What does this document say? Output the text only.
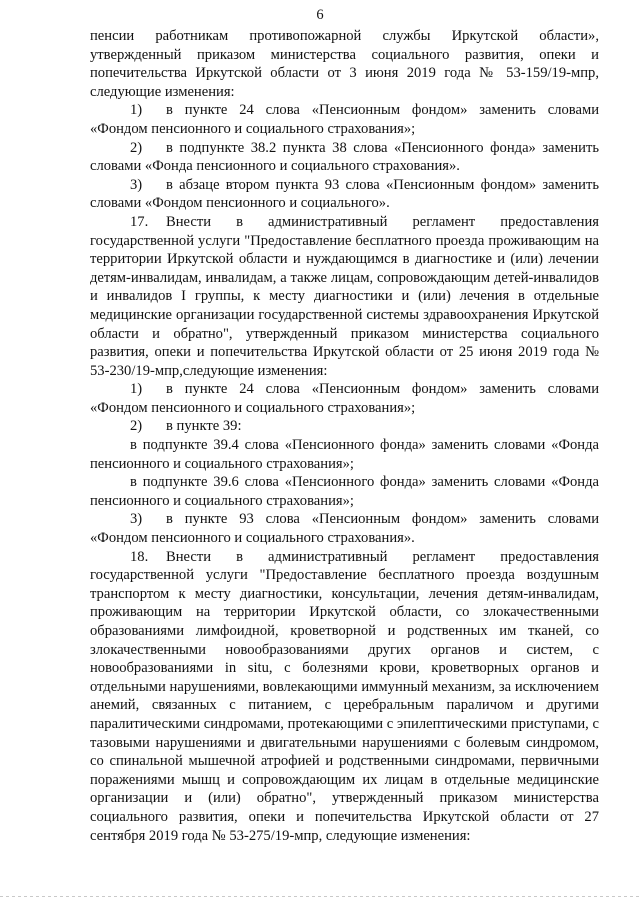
6

пенсии работникам противопожарной службы Иркутской области», утвержденный приказом министерства социального развития, опеки и попечительства Иркутской области от 3 июня 2019 года № 53-159/19-мпр, следующие изменения:

1) в пункте 24 слова «Пенсионным фондом» заменить словами «Фондом пенсионного и социального страхования»;

2) в подпункте 38.2 пункта 38 слова «Пенсионного фонда» заменить словами «Фонда пенсионного и социального страхования».

3) в абзаце втором пункта 93 слова «Пенсионным фондом» заменить словами «Фондом пенсионного и социального».

17. Внести в административный регламент предоставления государственной услуги "Предоставление бесплатного проезда проживающим на территории Иркутской области и нуждающимся в диагностике и (или) лечении детям-инвалидам, инвалидам, а также лицам, сопровождающим детей-инвалидов и инвалидов I группы, к месту диагностики и (или) лечения в отдельные медицинские организации государственной системы здравоохранения Иркутской области и обратно", утвержденный приказом министерства социального развития, опеки и попечительства Иркутской области от 25 июня 2019 года № 53-230/19-мпр,следующие изменения:

1) в пункте 24 слова «Пенсионным фондом» заменить словами «Фондом пенсионного и социального страхования»;

2) в пункте 39:

в подпункте 39.4 слова «Пенсионного фонда» заменить словами «Фонда пенсионного и социального страхования»;

в подпункте 39.6 слова «Пенсионного фонда» заменить словами «Фонда пенсионного и социального страхования»;

3) в пункте 93 слова «Пенсионным фондом» заменить словами «Фондом пенсионного и социального страхования».

18. Внести в административный регламент предоставления государственной услуги "Предоставление бесплатного проезда воздушным транспортом к месту диагностики, консультации, лечения детям-инвалидам, проживающим на территории Иркутской области, со злокачественными образованиями лимфоидной, кроветворной и родственных им тканей, со злокачественными новообразованиями других органов и систем, с новообразованиями in situ, с болезнями крови, кроветворных органов и отдельными нарушениями, вовлекающими иммунный механизм, за исключением анемий, связанных с питанием, с церебральным параличом и другими паралитическими синдромами, протекающими с эпилептическими приступами, с тазовыми нарушениями и двигательными нарушениями с болевым синдромом, со спинальной мышечной атрофией и родственными синдромами, первичными поражениями мышц и сопровождающим их лицам в отдельные медицинские организации и (или) обратно", утвержденный приказом министерства социального развития, опеки и попечительства Иркутской области от 27 сентября 2019 года № 53-275/19-мпр, следующие изменения:
